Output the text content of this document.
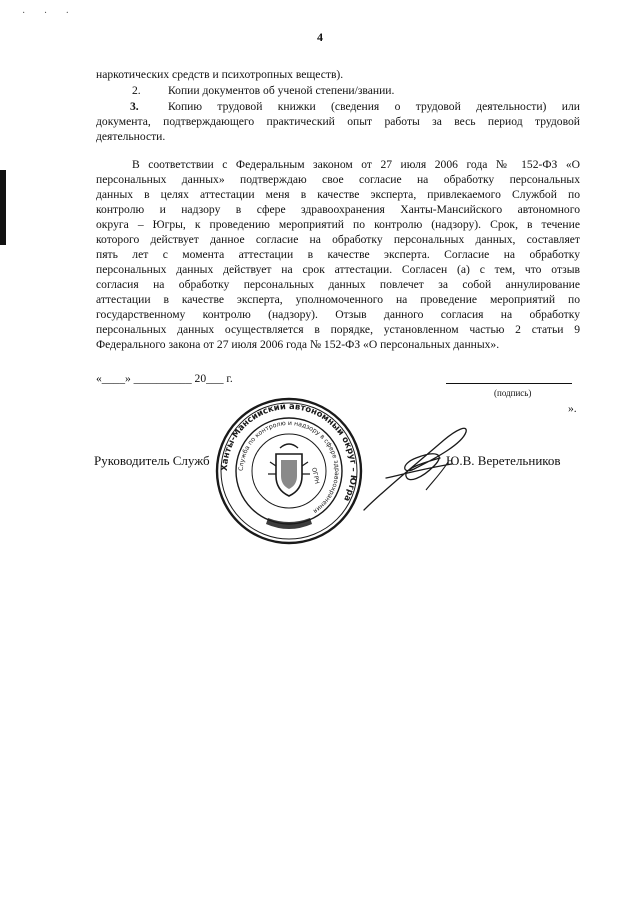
· · ·
4
наркотических средств и психотропных веществ).
2. Копии документов об ученой степени/звании.
3.	Копию трудовой книжки (сведения о трудовой деятельности) или
документа, подтверждающего практический опыт работы за весь период трудовой
деятельности.
В соответствии с Федеральным законом от 27 июля 2006 года № 152-ФЗ «О
персональных данных» подтверждаю свое согласие на обработку персональных
данных в целях аттестации меня в качестве эксперта, привлекаемого Службой по
контролю и надзору в сфере здравоохранения Ханты-Мансийского автономного
округа – Югры, к проведению мероприятий по контролю (надзору). Срок, в течение
которого действует данное согласие на обработку персональных данных, составляет
пять лет с момента аттестации в качестве эксперта. Согласие на обработку
персональных данных действует на срок аттестации. Согласен (а) с тем, что отзыв
согласия на обработку персональных данных повлечет за собой аннулирование
аттестации в качестве эксперта, уполномоченного на проведение мероприятий по
государственному контролю (надзору). Отзыв данного согласия на обработку
персональных данных осуществляется в порядке, установленном частью 2 статьи 9
Федерального закона от 27 июля 2006 года № 152-ФЗ «О персональных данных».
«____» __________ 20___ г.
(подпись)
».
Руководитель Служб	Ю.В. Веретельников
Ханты-Мансийский автономный округ – Югра
Служба по контролю и надзору в сфере здравоохранения
ОГРН
